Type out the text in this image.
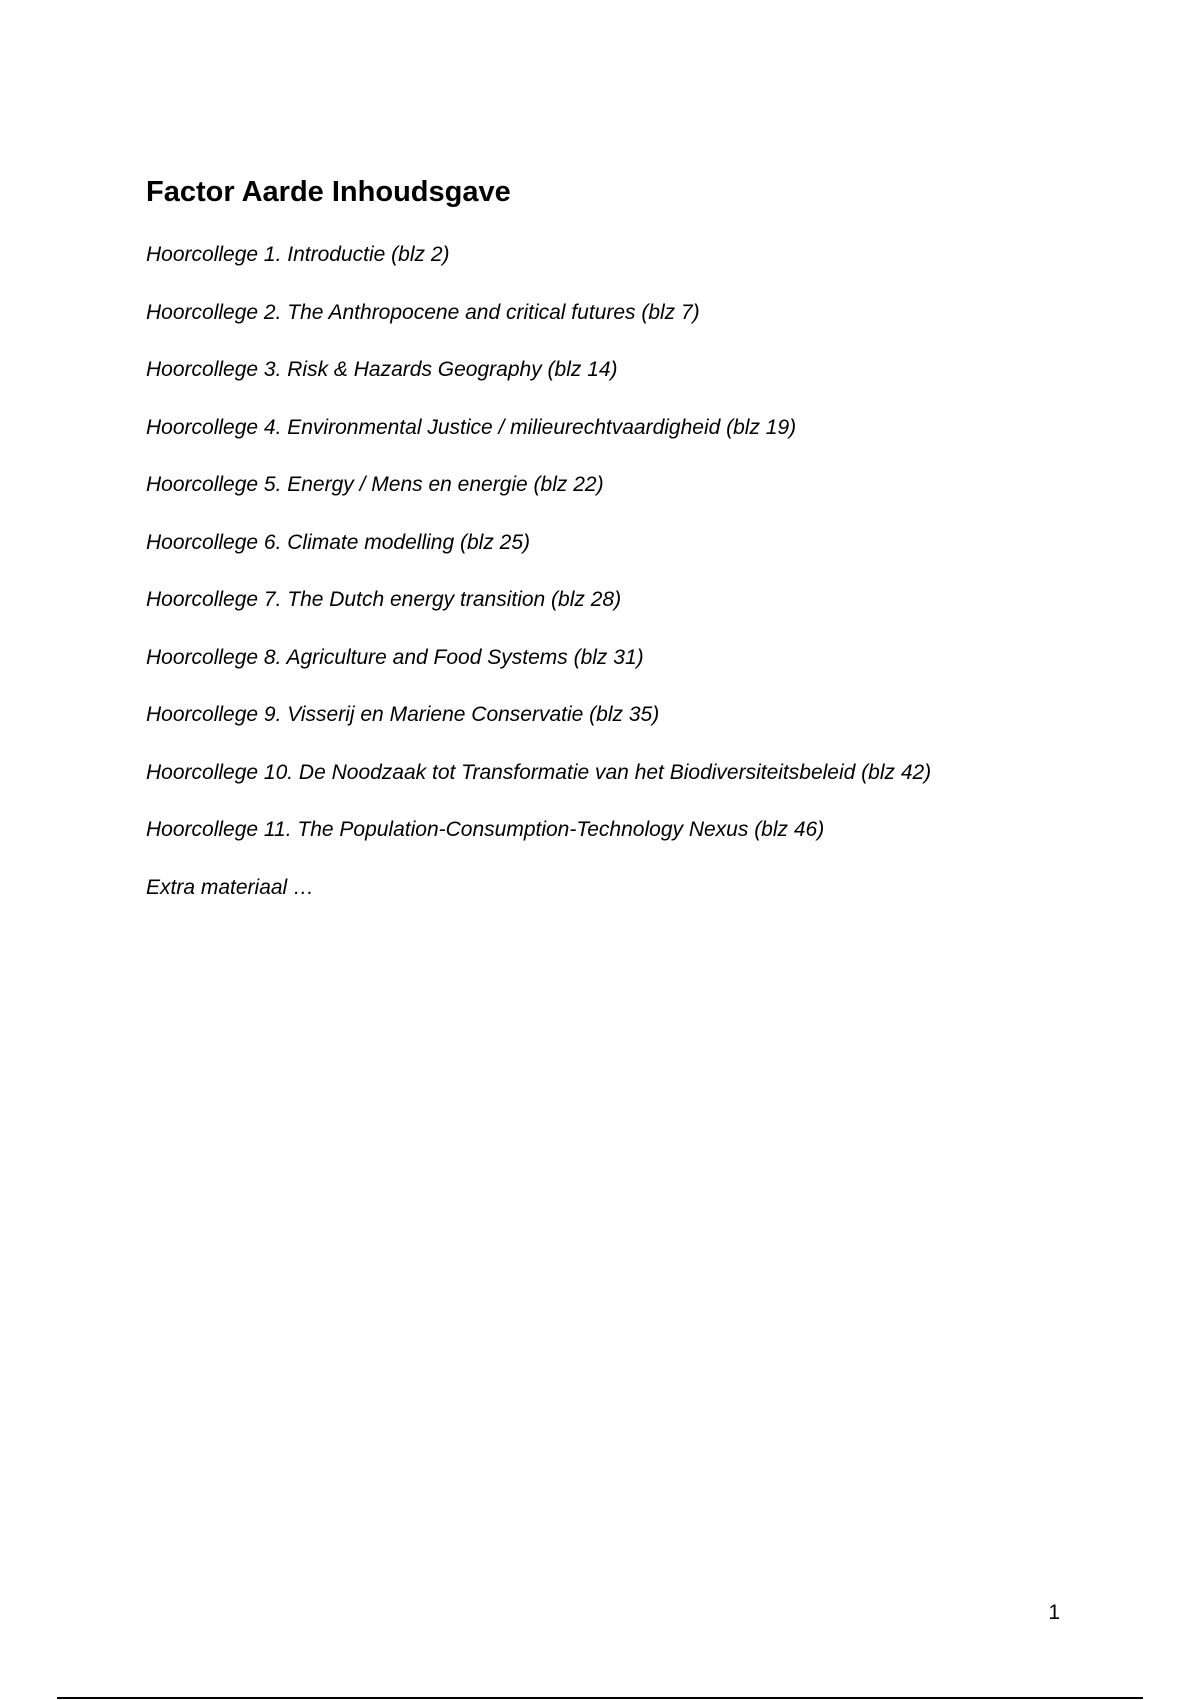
Factor Aarde Inhoudsgave
Hoorcollege 1. Introductie (blz 2)
Hoorcollege 2. The Anthropocene and critical futures (blz 7)
Hoorcollege 3. Risk & Hazards Geography (blz 14)
Hoorcollege 4. Environmental Justice / milieurechtvaardigheid (blz 19)
Hoorcollege 5. Energy / Mens en energie (blz 22)
Hoorcollege 6. Climate modelling (blz 25)
Hoorcollege 7. The Dutch energy transition (blz 28)
Hoorcollege 8. Agriculture and Food Systems (blz 31)
Hoorcollege 9. Visserij en Mariene Conservatie (blz 35)
Hoorcollege 10. De Noodzaak tot Transformatie van het Biodiversiteitsbeleid (blz 42)
Hoorcollege 11. The Population-Consumption-Technology Nexus (blz 46)
Extra materiaal …
1
